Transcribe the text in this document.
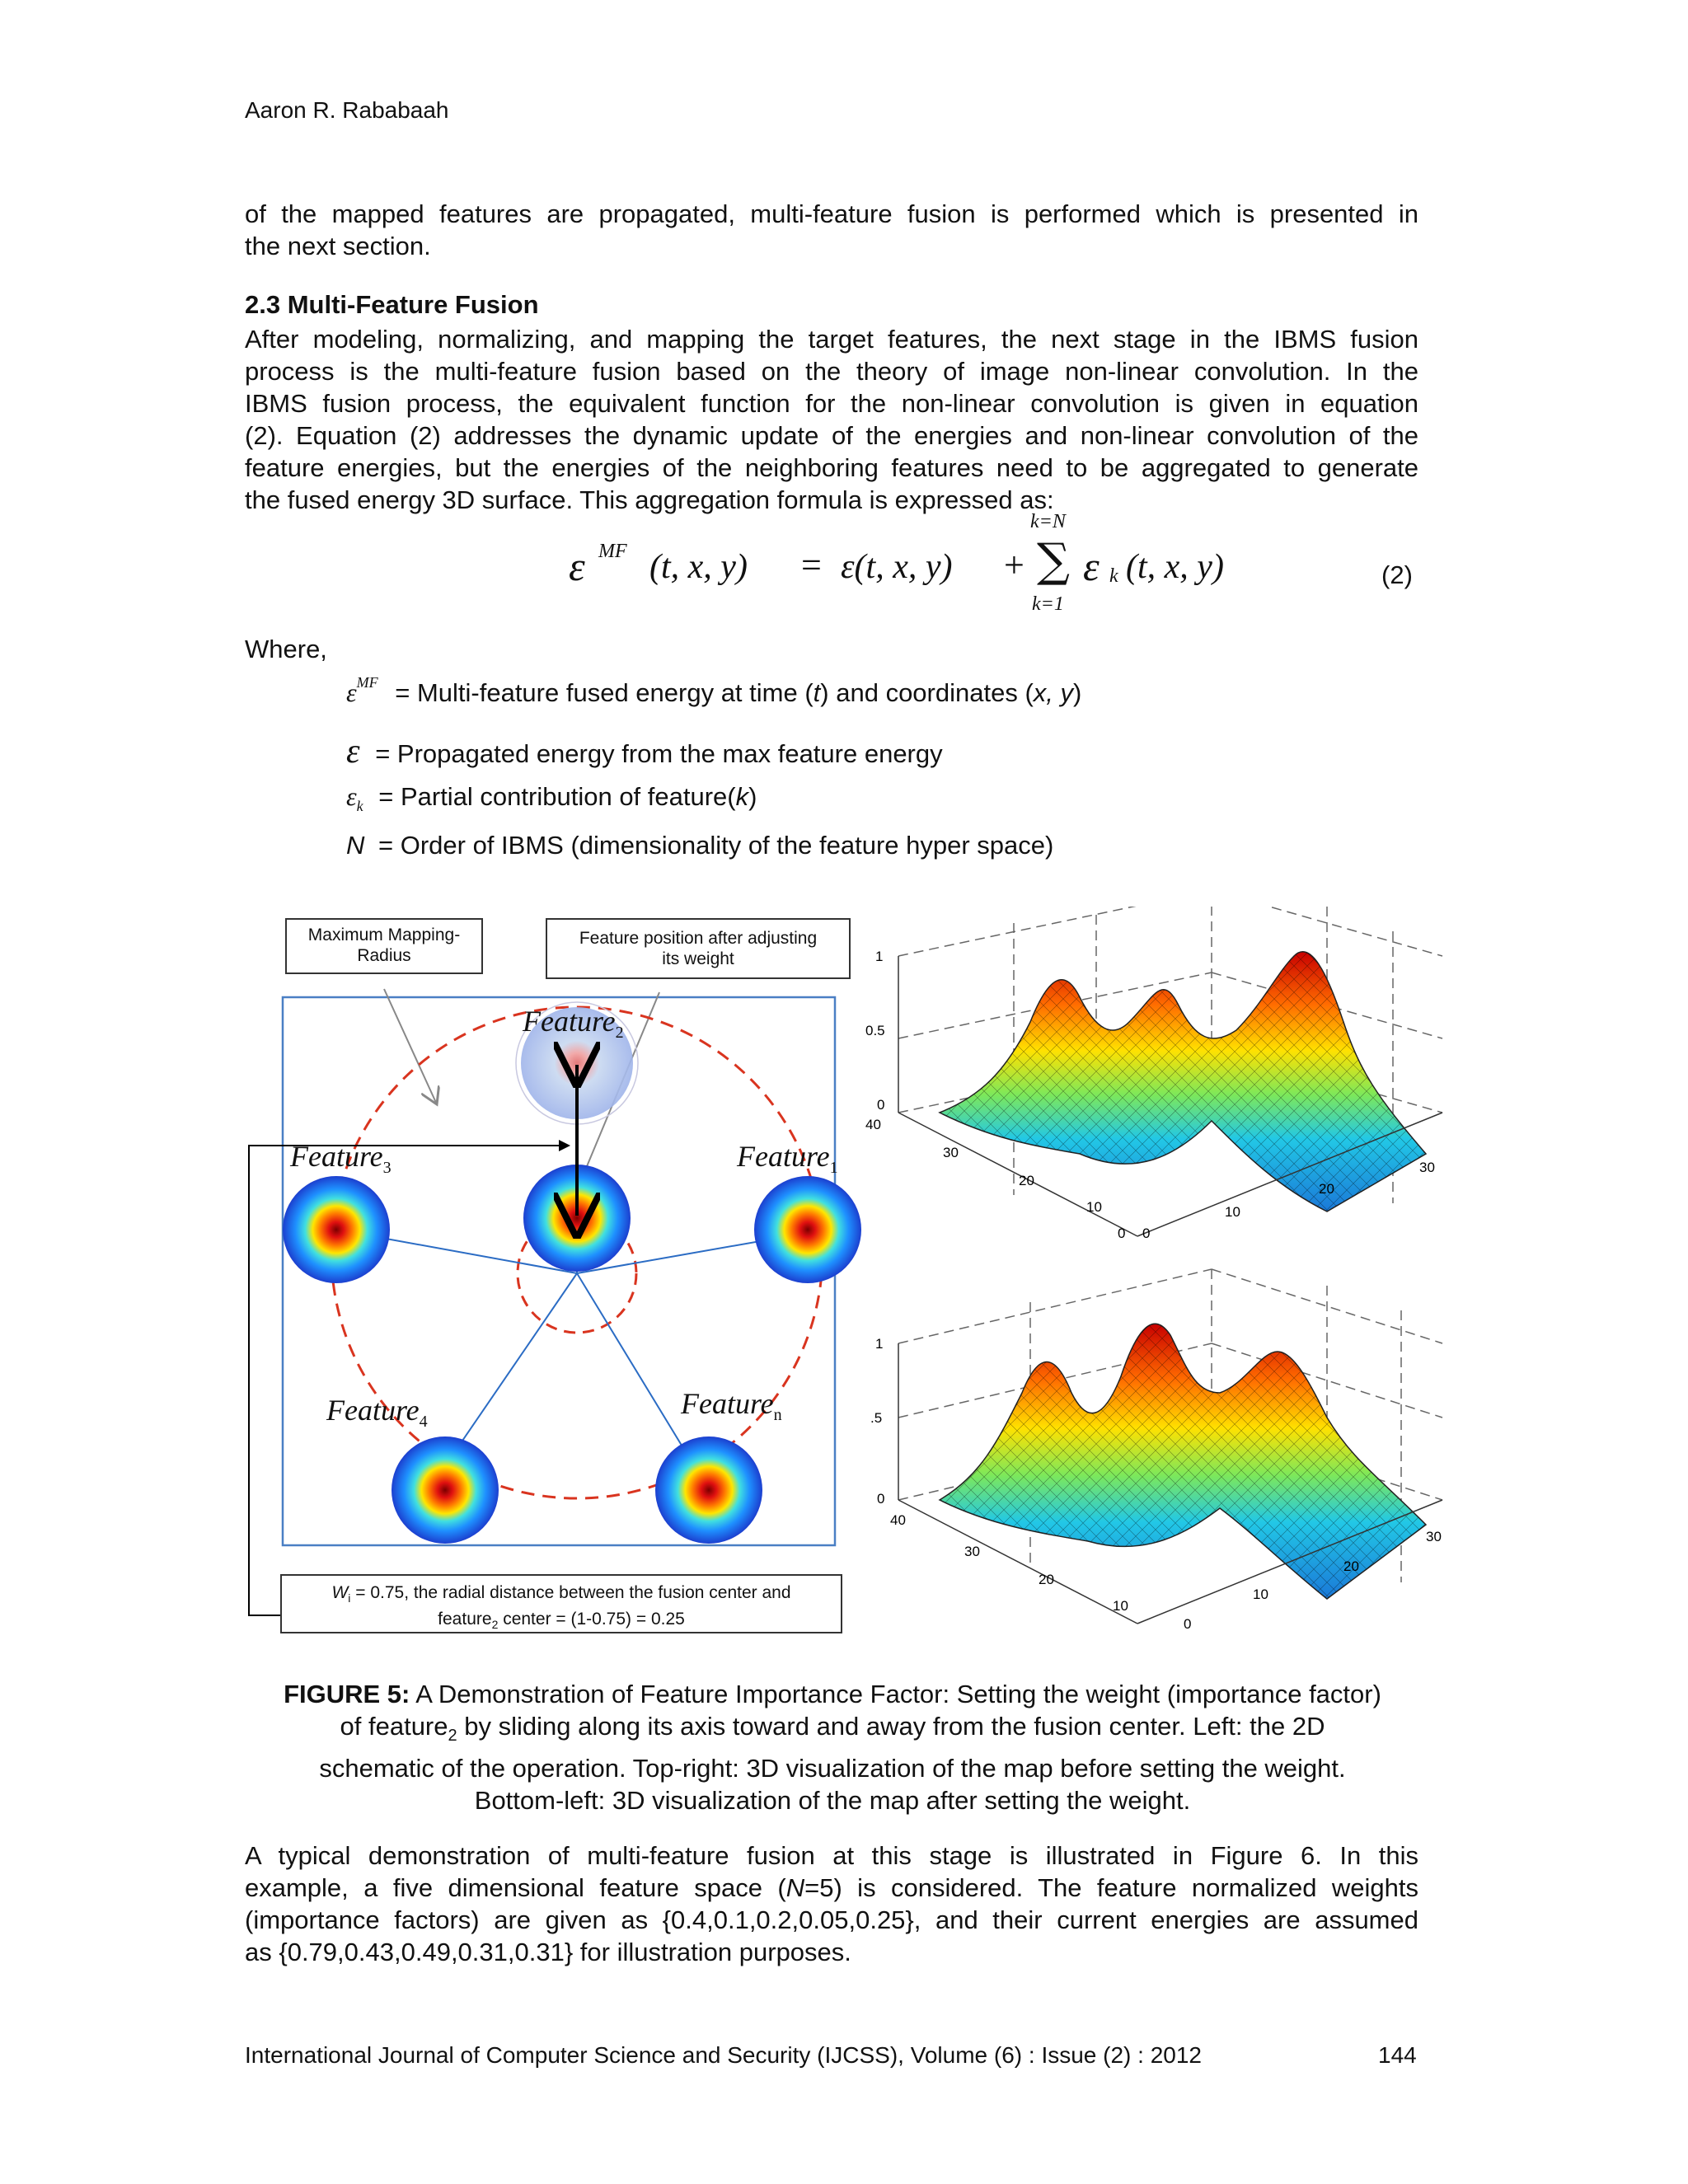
Aaron R. Rababaah
of the mapped features are propagated, multi-feature fusion is performed which is presented in
the next section.
2.3 Multi-Feature Fusion
After modeling, normalizing, and mapping the target features, the next stage in the IBMS fusion
process is the multi-feature fusion based on the theory of image non-linear convolution. In the
IBMS fusion process, the equivalent function for the non-linear convolution is given in equation
(2). Equation (2) addresses the dynamic update of the energies and non-linear convolution of the
feature energies, but the energies of the neighboring features need to be aggregated to generate
the fused energy 3D surface. This aggregation formula is expressed as:
ε MF (t, x, y) = ε(t, x, y) +
k=N
∑
k=1
ε k (t, x, y)	(2)
Where,
$\varepsilon^{MF}$ = Multi-feature fused energy at time (t) and coordinates (x, y)
ε = Propagated energy from the max feature energy
$\varepsilon_k$ = Partial contribution of feature(k)
N = Order of IBMS (dimensionality of the feature hyper space)
Feature$_2$
Feature$_3$	Feature$_1$
Feature$_4$
Feature$_n$
Maximum Mapping-
Radius
Feature position after adjusting
its weight
$W_i = 0.75$, the radial distance between the fusion center and
feature$_2$ center = (1-0.75) = 0.25
1
0.5
0
40
30
20
10
0 0
10
20
30
1
.5
0
40
30
20
10
0
10
20
30
FIGURE 5: A Demonstration of Feature Importance Factor: Setting the weight (importance factor)
of feature$_2$ by sliding along its axis toward and away from the fusion center. Left: the 2D
schematic of the operation. Top-right: 3D visualization of the map before setting the weight.
Bottom-left: 3D visualization of the map after setting the weight.
A typical demonstration of multi-feature fusion at this stage is illustrated in Figure 6. In this
example, a five dimensional feature space (N=5) is considered. The feature normalized weights
(importance factors) are given as {0.4,0.1,0.2,0.05,0.25}, and their current energies are assumed
as {0.79,0.43,0.49,0.31,0.31} for illustration purposes.
International Journal of Computer Science and Security (IJCSS), Volume (6) : Issue (2) : 2012	144
